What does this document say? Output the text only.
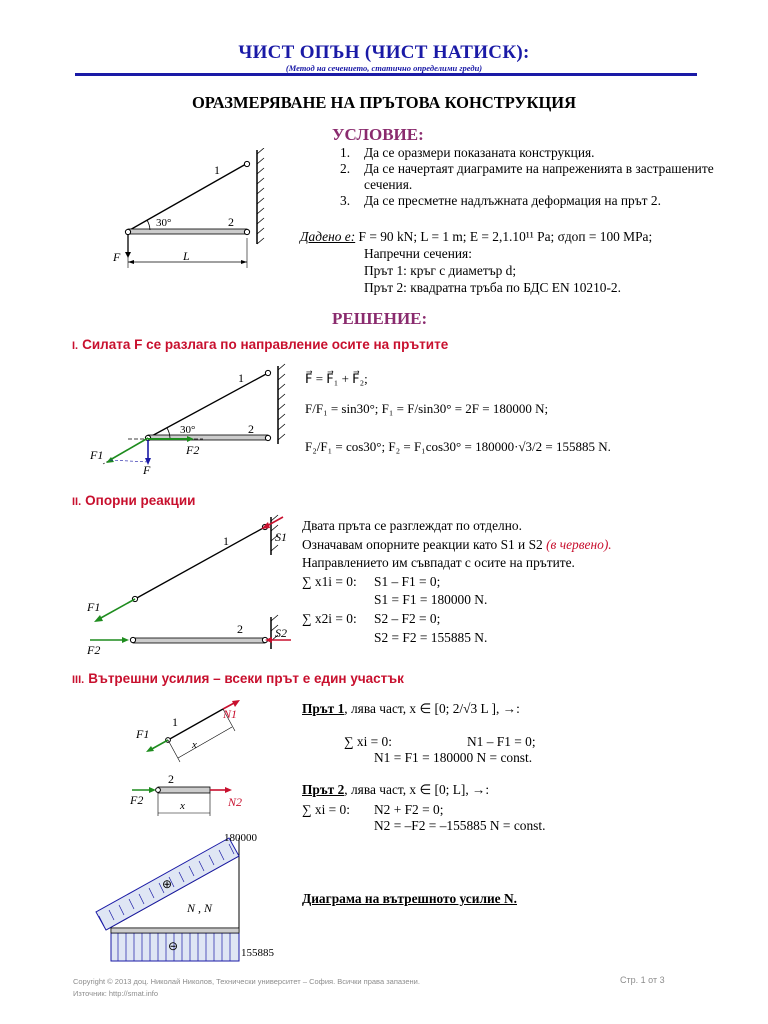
ЧИСТ ОПЪН (ЧИСТ НАТИСК):
(Метод на сечението, статично определими греди)
ОРАЗМЕРЯВАНЕ НА ПРЪТОВА КОНСТРУКЦИЯ
1
2
30°
F	L
УСЛОВИЕ:
1.	Да се оразмери показаната конструкция.
2.	Да се начертаят диаграмите на напреженията в застрашените сечения.
3.	Да се пресметне надлъжната деформация на прът 2.
Дадено е: F = 90 kN; L = 1 m; E = 2,1.10¹¹ Pa; σдоп = 100 MPa;
Напречни сечения:
Прът 1: кръг с диаметър d;
Прът 2: квадратна тръба по БДС EN 10210-2.
РЕШЕНИЕ:
I. Силата F се разлага по направление осите на прътите
1
2
30°
F
F1	F2
F⃗ = F⃗₁ + F⃗₂;
F/F₁ = sin30°; F₁ = F/sin30° = 2F = 180000 N;
F₂/F₁ = cos30°; F₂ = F₁cos30° = 180000·√3/2 = 155885 N.
II. Опорни реакции
1
2
S1
S2
F1
F2
Двата пръта се разглеждат по отделно.
Означавам опорните реакции като S1 и S2 (в червено).
Направлението им съвпадат с осите на прътите.
∑ x1i = 0: S1 – F1 = 0;
S1 = F1 = 180000 N.
∑ x2i = 0: S2 – F2 = 0;
S2 = F2 = 155885 N.
III. Вътрешни усилия – всеки прът е един участък
1
N1
F1
x
2
N2
F2	x
Прът 1, лява част, x ∈ [0; 2/√3 L ], →:
∑ xi = 0:	N1 – F1 = 0;
N1 = F1 = 180000 N = const.
Прът 2, лява част, x ∈ [0; L], →:
∑ xi = 0: N2 + F2 = 0;
N2 = –F2 = –155885 N = const.
Диаграма на вътрешното усилие N.
180000
155885
N , N
⊕
⊖
Copyright © 2013 доц. Николай Николов, Технически университет – София. Всички права запазени.
Източник: http://smat.info
Стр. 1 от 3
